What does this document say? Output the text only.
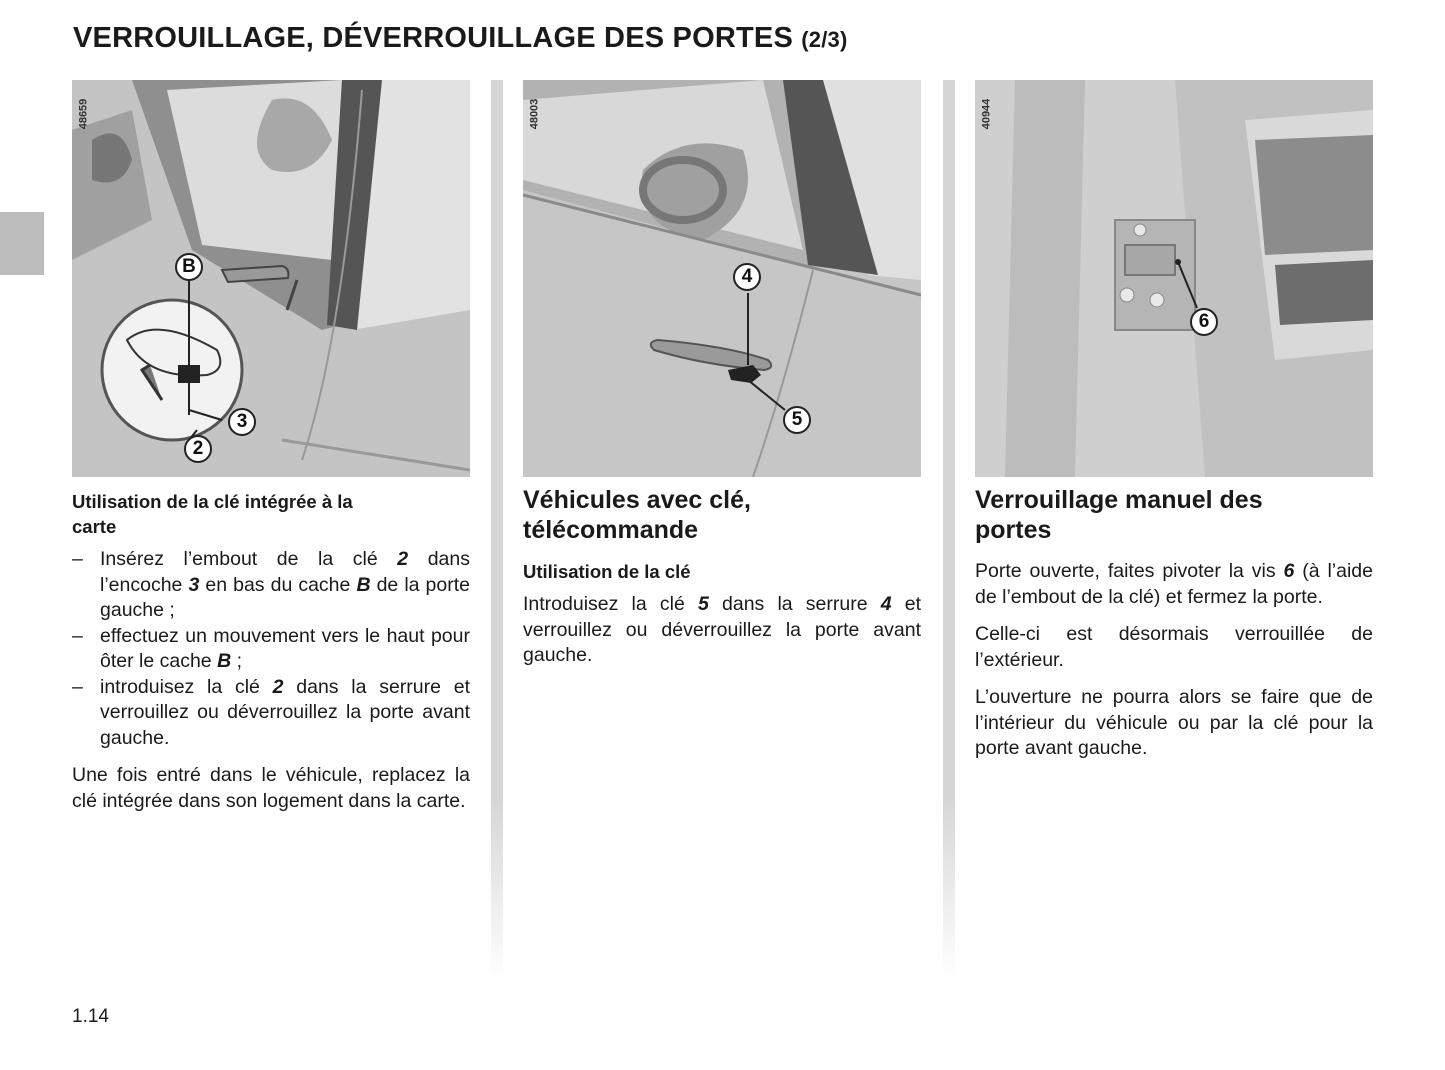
VERROUILLAGE, DÉVERROUILLAGE DES PORTES (2/3)
48659
B
3
2
Utilisation de la clé intégrée à la carte
– Insérez l’embout de la clé 2 dans l’encoche 3 en bas du cache B de la porte gauche ;
– effectuez un mouvement vers le haut pour ôter le cache B ;
– introduisez la clé 2 dans la serrure et verrouillez ou déverrouillez la porte avant gauche.

Une fois entré dans le véhicule, replacez la clé intégrée dans son logement dans la carte.

48003
4
5
Véhicules avec clé, télécommande
Utilisation de la clé

Introduisez la clé 5 dans la serrure 4 et verrouillez ou déverrouillez la porte avant gauche.

40944
6
Verrouillage manuel des portes

Porte ouverte, faites pivoter la vis 6 (à l’aide de l’embout de la clé) et fermez la porte.

Celle-ci est désormais verrouillée de l’extérieur.

L’ouverture ne pourra alors se faire que de l’intérieur du véhicule ou par la clé pour la porte avant gauche.

1.14
